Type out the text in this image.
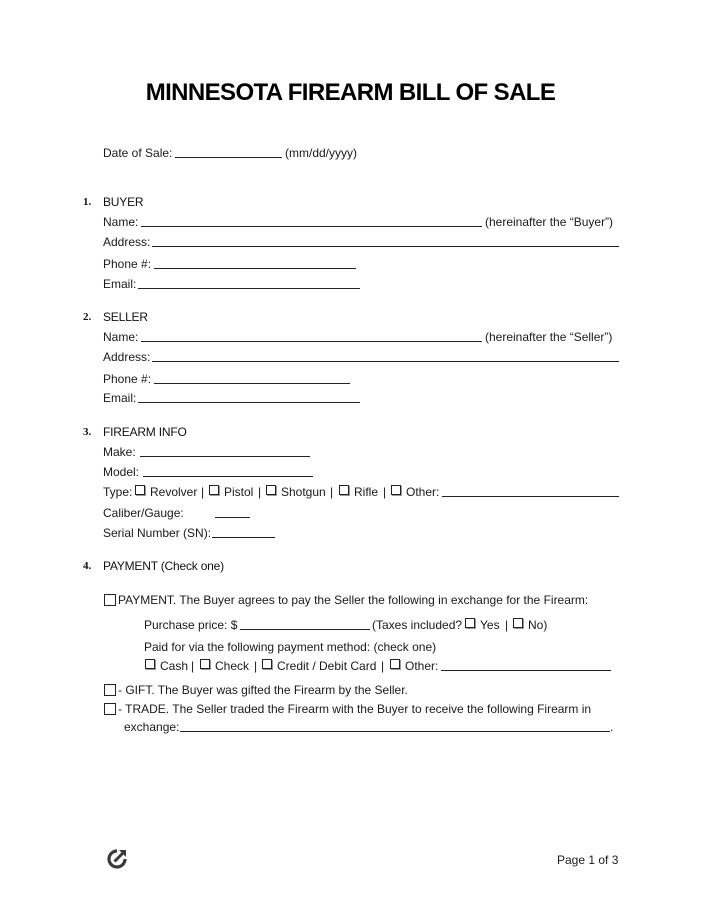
MINNESOTA FIREARM BILL OF SALE
Date of Sale:	(mm/dd/yyyy)
1. BUYER
Name:	(hereinafter the “Buyer”)
Address:
Phone #:
Email:
2. SELLER
Name:	(hereinafter the “Seller”)
Address:
Phone #:
Email:
3. FIREARM INFO
Make:
Model:
Type: Revolver | Pistol | Shotgun | Rifle | Other:
Caliber/Gauge:
Serial Number (SN):
4. PAYMENT (Check one)
PAYMENT. The Buyer agrees to pay the Seller the following in exchange for the Firearm:
Purchase price: $	(Taxes included? Yes | No)
Paid for via the following payment method: (check one)
Cash | Check | Credit / Debit Card | Other:
- GIFT. The Buyer was gifted the Firearm by the Seller.
- TRADE. The Seller traded the Firearm with the Buyer to receive the following Firearm in
exchange:	.
Page 1 of 3
